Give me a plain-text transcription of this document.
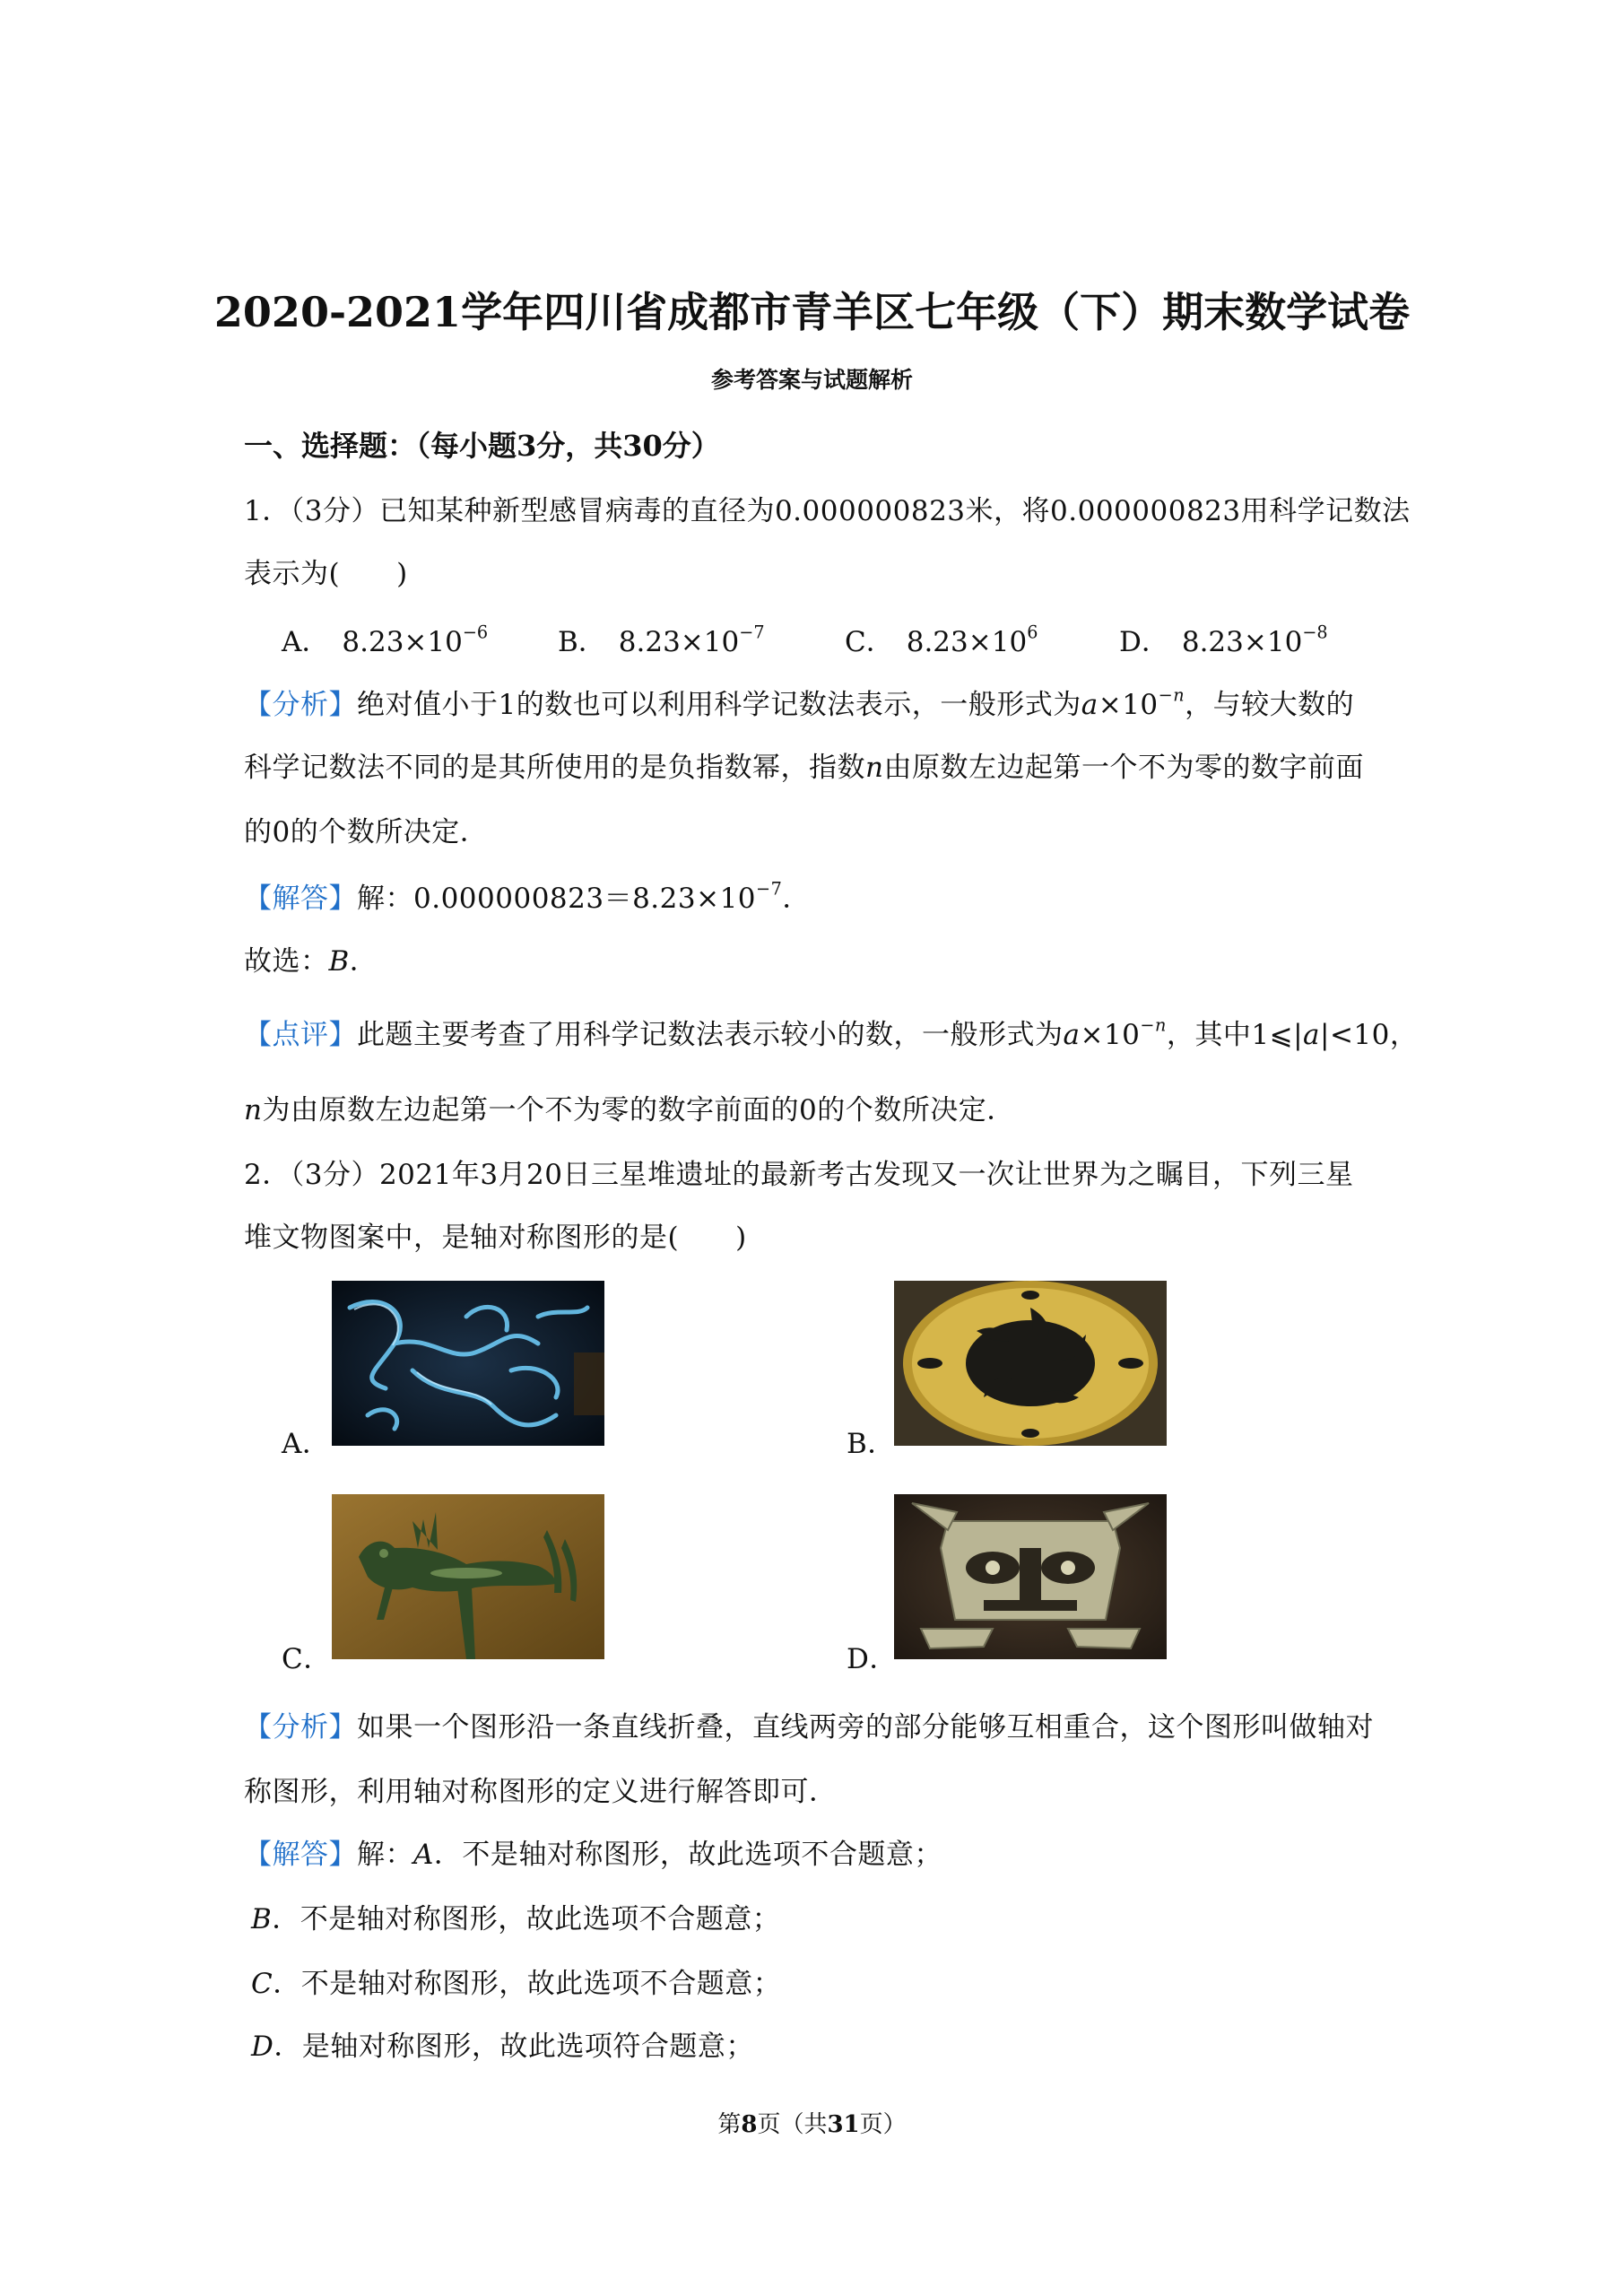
2020-2021学年四川省成都市青羊区七年级（下）期末数学试卷
参考答案与试题解析
一、选择题：（每小题3分，共30分）
1．（3分）已知某种新型感冒病毒的直径为0.000000823米，将0.000000823用科学记数法
表示为(　　)
A． $8.23\times 10^{-6}$	B． $8.23\times 10^{-7}$	C． $8.23\times 10^6$	D． $8.23\times 10^{-8}$
【分析】绝对值小于1的数也可以利用科学记数法表示，一般形式为$a\times 10^{-n}$，与较大数的
科学记数法不同的是其所使用的是负指数幂，指数n由原数左边起第一个不为零的数字前面
的0的个数所决定．
【解答】解：$0.000000823=8.23\times 10^{-7}$．
故选：B．
【点评】此题主要考查了用科学记数法表示较小的数，一般形式为$a\times 10^{-n}$，其中1⩽|a|<10，
n为由原数左边起第一个不为零的数字前面的0的个数所决定．
2．（3分）2021年3月20日三星堆遗址的最新考古发现又一次让世界为之瞩目，下列三星
堆文物图案中，是轴对称图形的是(　　)
A．	B．
C．	D．
【分析】如果一个图形沿一条直线折叠，直线两旁的部分能够互相重合，这个图形叫做轴对
称图形，利用轴对称图形的定义进行解答即可．
【解答】解：A．不是轴对称图形，故此选项不合题意；
B．不是轴对称图形，故此选项不合题意；
C．不是轴对称图形，故此选项不合题意；
D．是轴对称图形，故此选项符合题意；
第8页（共31页）
